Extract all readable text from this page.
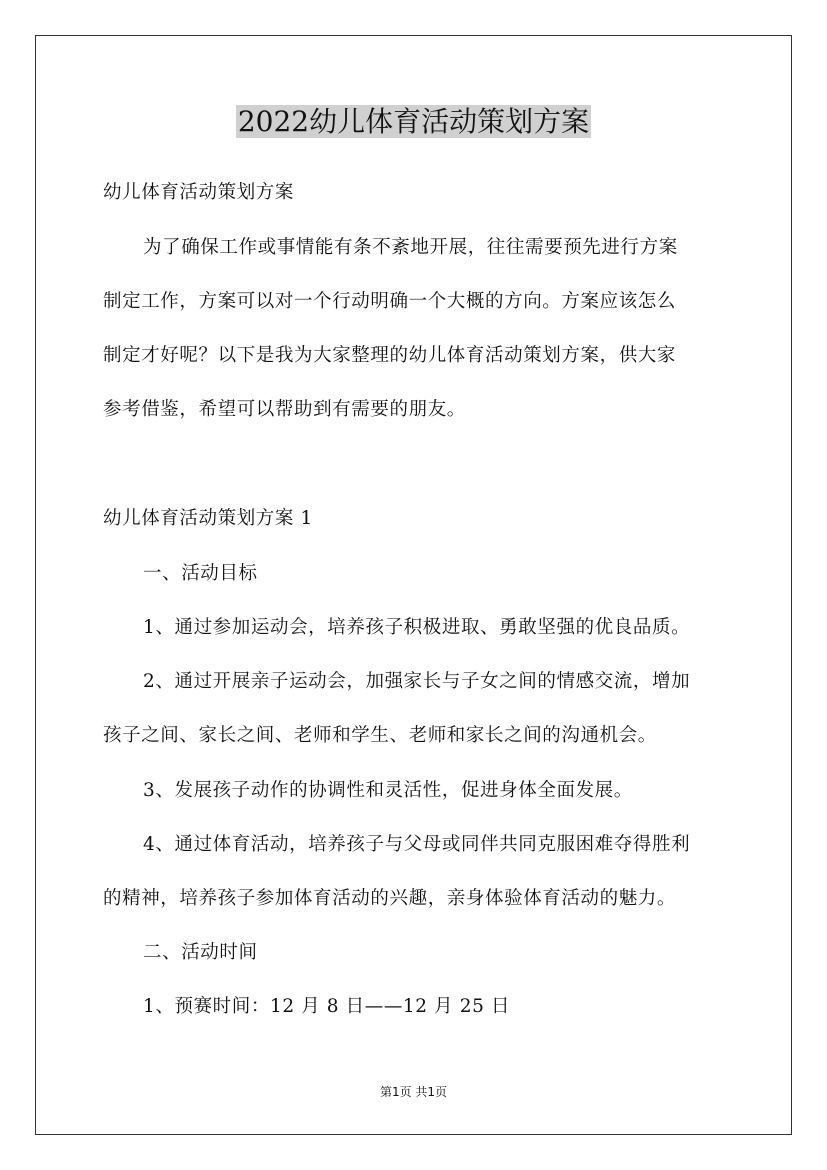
2022幼儿体育活动策划方案

幼儿体育活动策划方案

为了确保工作或事情能有条不紊地开展，往往需要预先进行方案

制定工作，方案可以对一个行动明确一个大概的方向。方案应该怎么

制定才好呢？以下是我为大家整理的幼儿体育活动策划方案，供大家

参考借鉴，希望可以帮助到有需要的朋友。

幼儿体育活动策划方案 1

一、活动目标

1、通过参加运动会，培养孩子积极进取、勇敢坚强的优良品质。

2、通过开展亲子运动会，加强家长与子女之间的情感交流，增加

孩子之间、家长之间、老师和学生、老师和家长之间的沟通机会。

3、发展孩子动作的协调性和灵活性，促进身体全面发展。

4、通过体育活动，培养孩子与父母或同伴共同克服困难夺得胜利

的精神，培养孩子参加体育活动的兴趣，亲身体验体育活动的魅力。

二、活动时间

1、预赛时间：12 月 8 日——12 月 25 日

第1页 共1页
